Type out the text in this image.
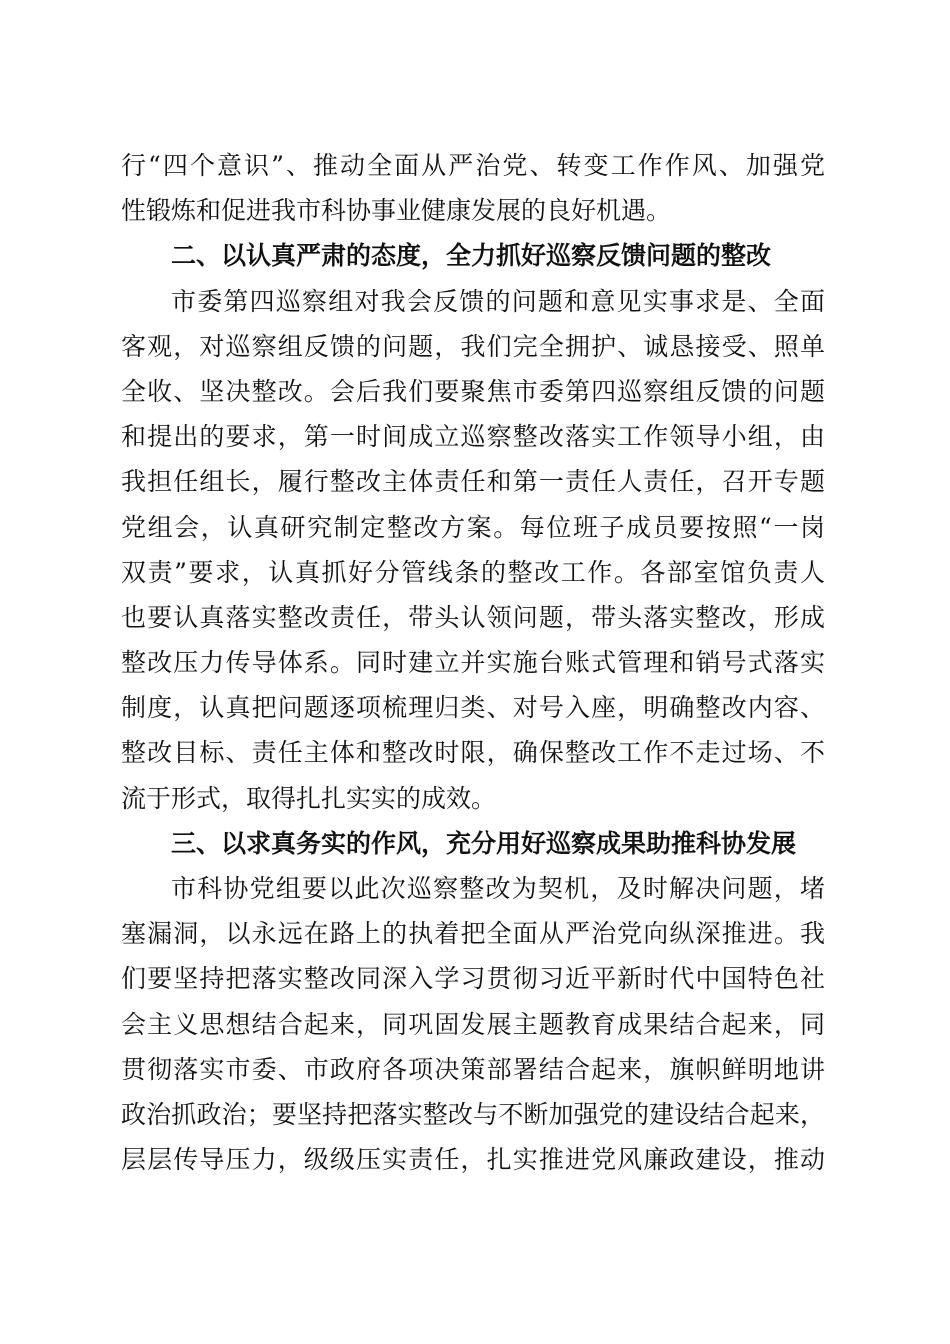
行“四个意识”、推动全面从严治党、转变工作作风、加强党
性锻炼和促进我市科协事业健康发展的良好机遇。
二、以认真严肃的态度，全力抓好巡察反馈问题的整改
市委第四巡察组对我会反馈的问题和意见实事求是、全面
客观，对巡察组反馈的问题，我们完全拥护、诚恳接受、照单
全收、坚决整改。会后我们要聚焦市委第四巡察组反馈的问题
和提出的要求，第一时间成立巡察整改落实工作领导小组，由
我担任组长，履行整改主体责任和第一责任人责任，召开专题
党组会，认真研究制定整改方案。每位班子成员要按照“一岗
双责”要求，认真抓好分管线条的整改工作。各部室馆负责人
也要认真落实整改责任，带头认领问题，带头落实整改，形成
整改压力传导体系。同时建立并实施台账式管理和销号式落实
制度，认真把问题逐项梳理归类、对号入座，明确整改内容、
整改目标、责任主体和整改时限，确保整改工作不走过场、不
流于形式，取得扎扎实实的成效。
三、以求真务实的作风，充分用好巡察成果助推科协发展
市科协党组要以此次巡察整改为契机，及时解决问题，堵
塞漏洞，以永远在路上的执着把全面从严治党向纵深推进。我
们要坚持把落实整改同深入学习贯彻习近平新时代中国特色社
会主义思想结合起来，同巩固发展主题教育成果结合起来，同
贯彻落实市委、市政府各项决策部署结合起来，旗帜鲜明地讲
政治抓政治；要坚持把落实整改与不断加强党的建设结合起来，
层层传导压力，级级压实责任，扎实推进党风廉政建设，推动
